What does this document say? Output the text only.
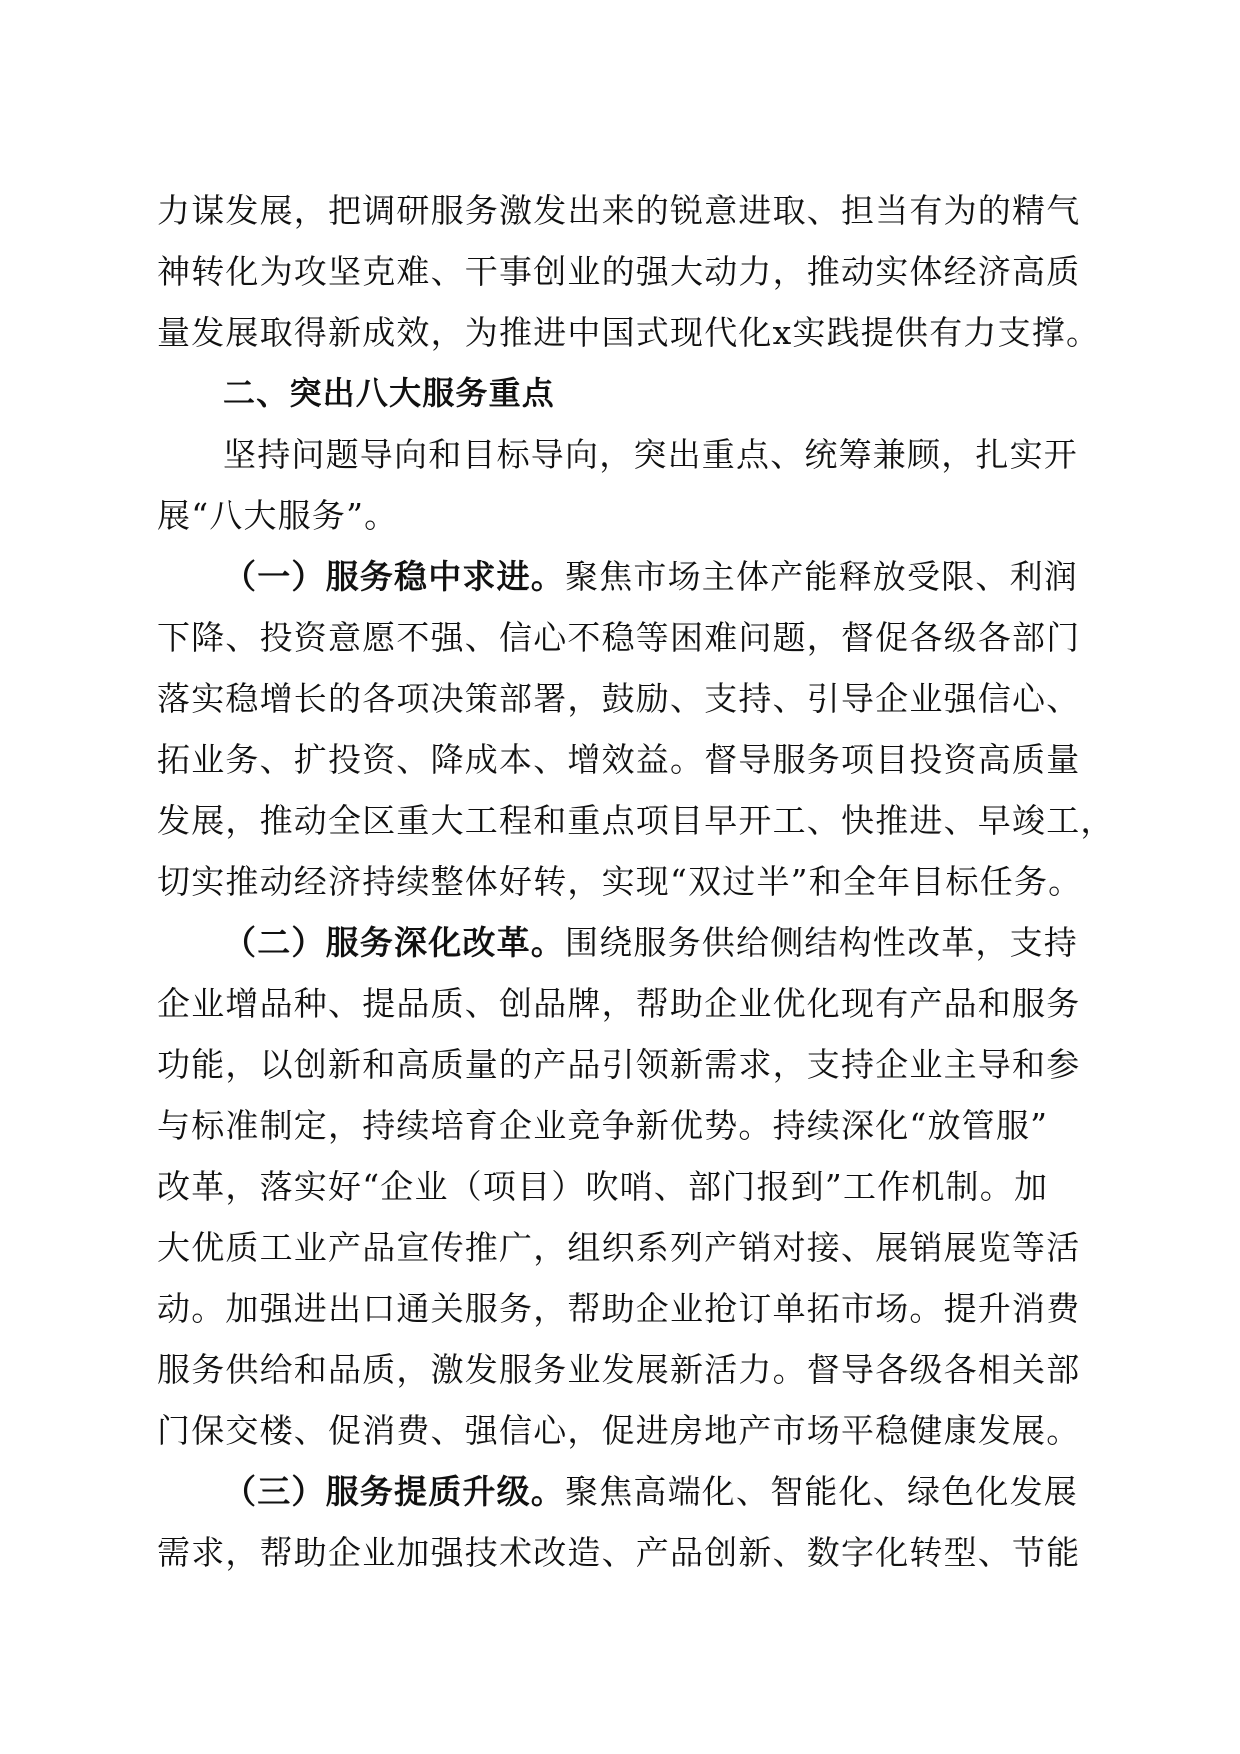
力谋发展，把调研服务激发出来的锐意进取、担当有为的精气
神转化为攻坚克难、干事创业的强大动力，推动实体经济高质
量发展取得新成效，为推进中国式现代化x实践提供有力支撑。
二、突出八大服务重点
坚持问题导向和目标导向，突出重点、统筹兼顾，扎实开
展“八大服务”。
（一）服务稳中求进。聚焦市场主体产能释放受限、利润
下降、投资意愿不强、信心不稳等困难问题，督促各级各部门
落实稳增长的各项决策部署，鼓励、支持、引导企业强信心、
拓业务、扩投资、降成本、增效益。督导服务项目投资高质量
发展，推动全区重大工程和重点项目早开工、快推进、早竣工，
切实推动经济持续整体好转，实现“双过半”和全年目标任务。
（二）服务深化改革。围绕服务供给侧结构性改革，支持
企业增品种、提品质、创品牌，帮助企业优化现有产品和服务
功能，以创新和高质量的产品引领新需求，支持企业主导和参
与标准制定，持续培育企业竞争新优势。持续深化“放管服”
改革，落实好“企业（项目）吹哨、部门报到”工作机制。加
大优质工业产品宣传推广，组织系列产销对接、展销展览等活
动。加强进出口通关服务，帮助企业抢订单拓市场。提升消费
服务供给和品质，激发服务业发展新活力。督导各级各相关部
门保交楼、促消费、强信心，促进房地产市场平稳健康发展。
（三）服务提质升级。聚焦高端化、智能化、绿色化发展
需求，帮助企业加强技术改造、产品创新、数字化转型、节能
